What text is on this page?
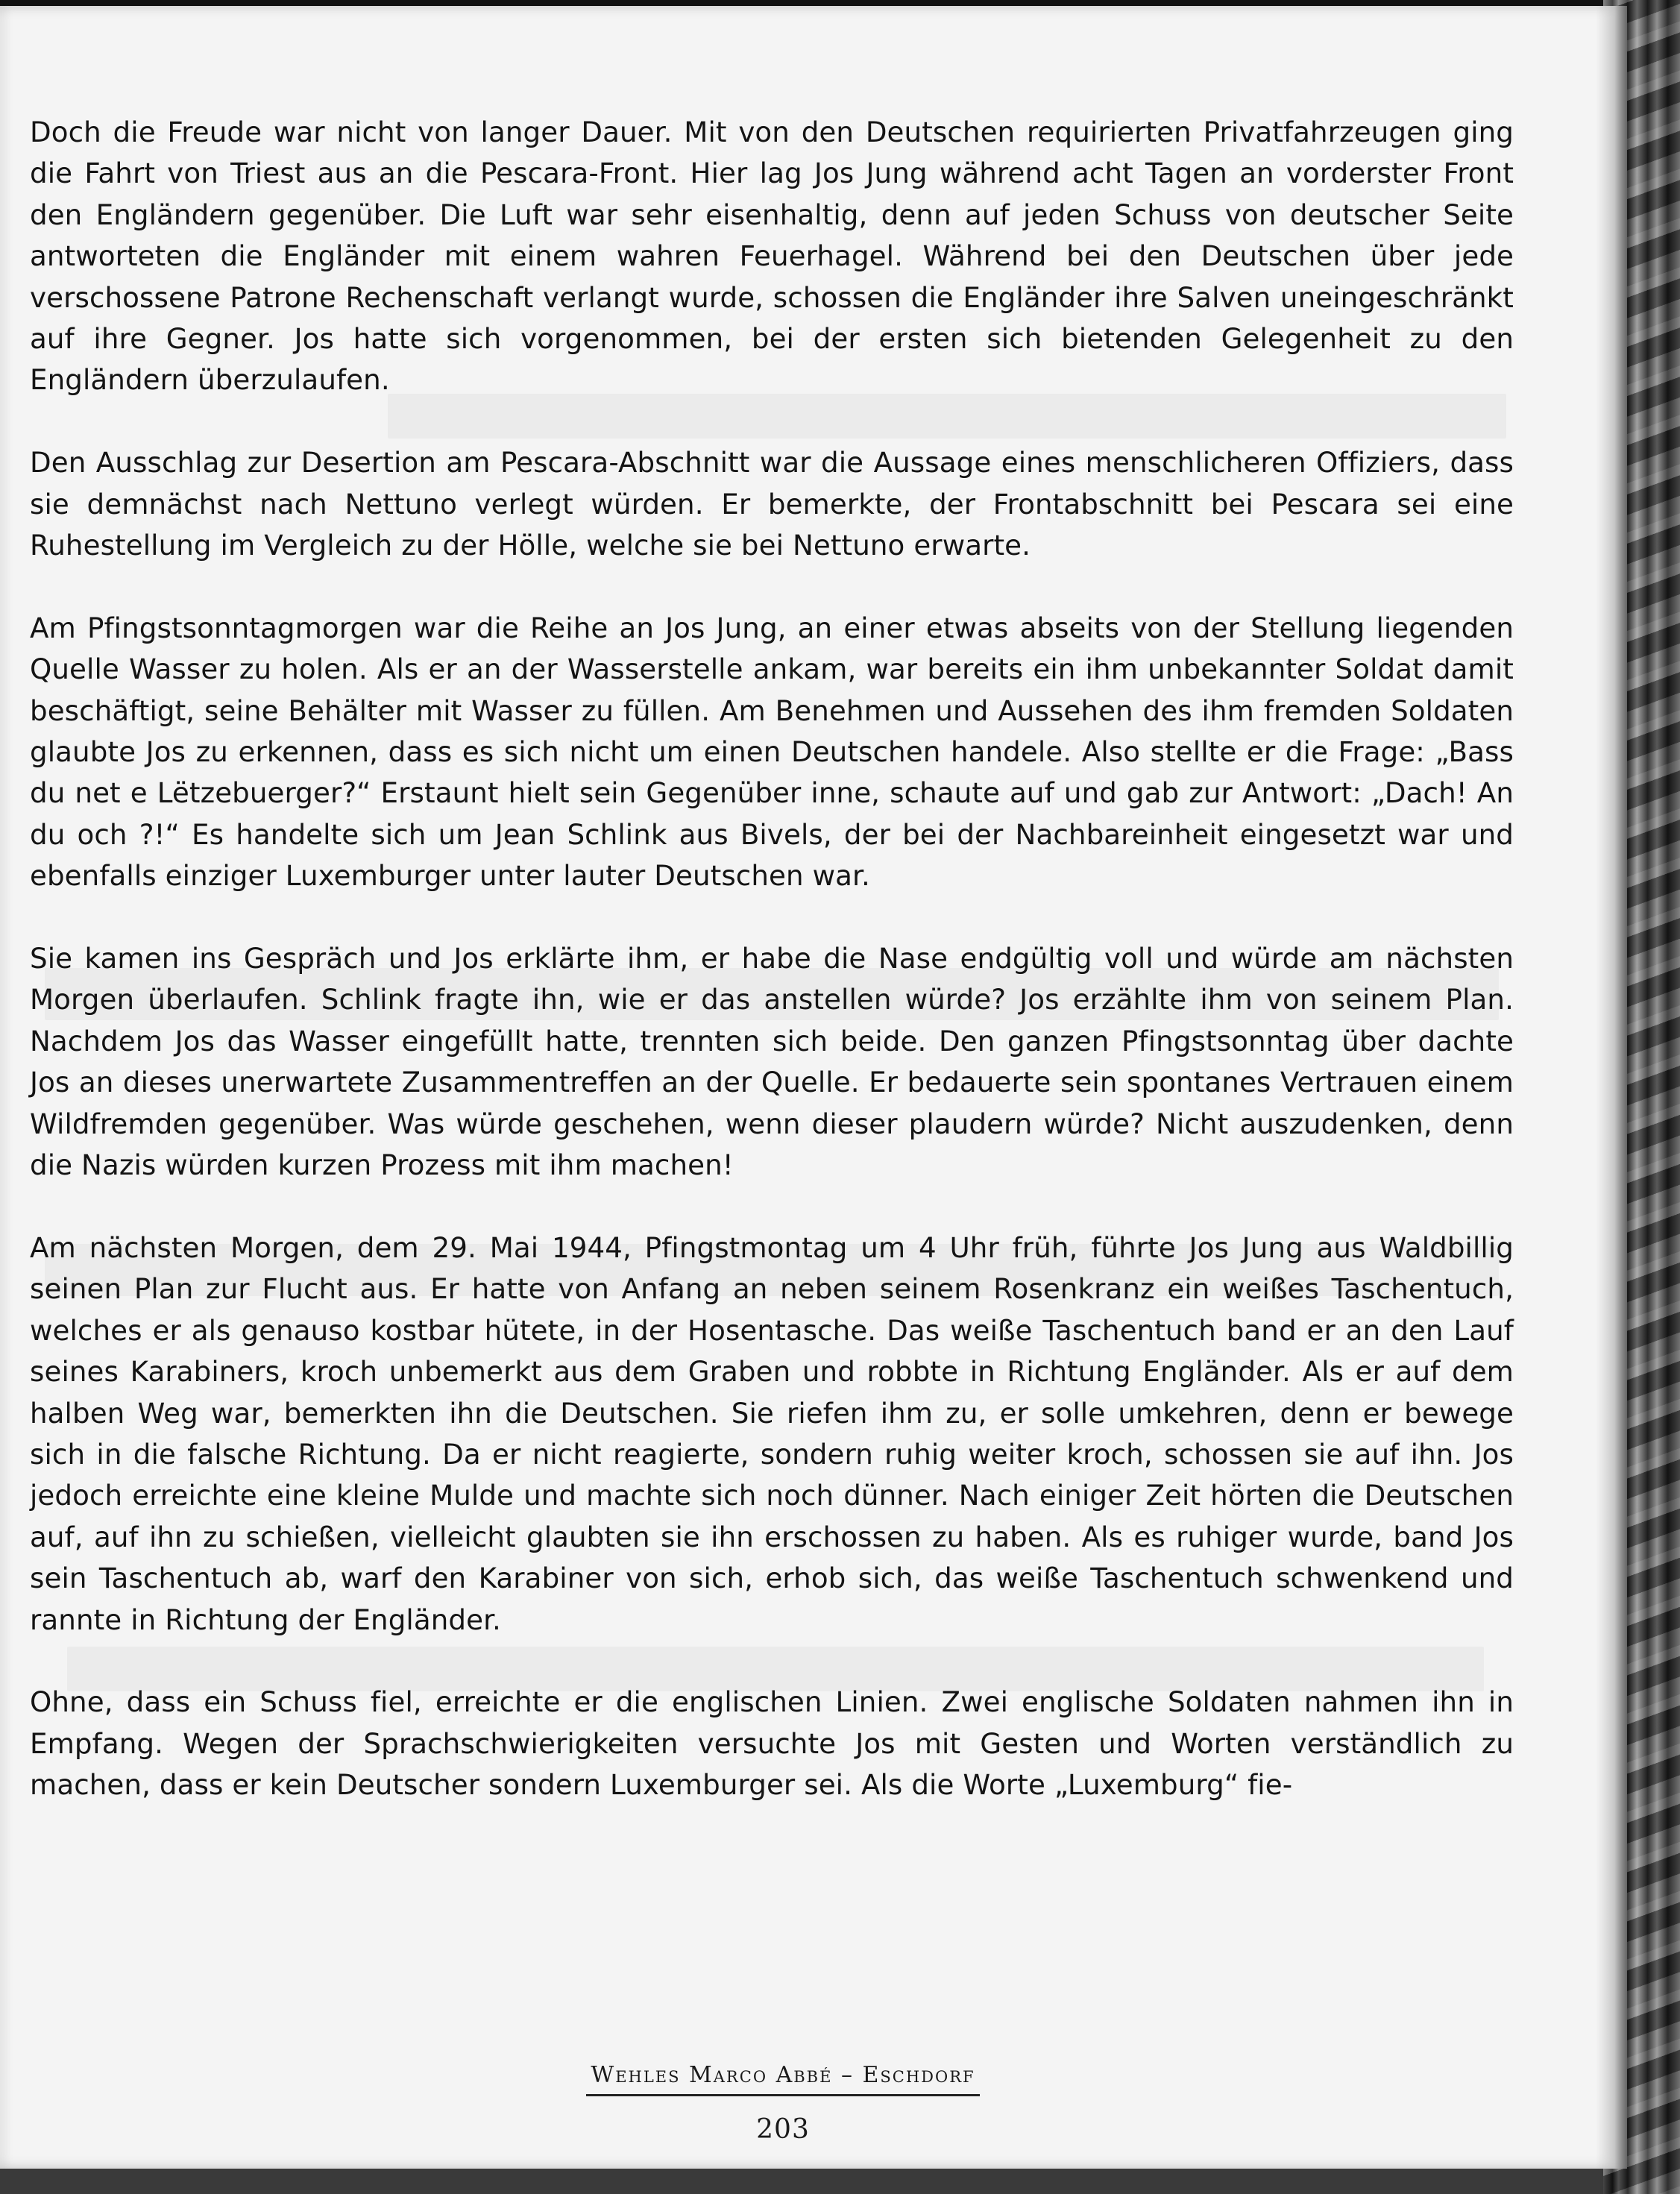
Doch die Freude war nicht von langer Dauer. Mit von den Deutschen requirierten Privatfahrzeugen ging die Fahrt von Triest aus an die Pescara-Front. Hier lag Jos Jung während acht Tagen an vorderster Front den Engländern gegenüber. Die Luft war sehr eisenhaltig, denn auf jeden Schuss von deutscher Seite antworteten die Engländer mit einem wahren Feuerhagel. Während bei den Deutschen über jede verschossene Patrone Rechenschaft verlangt wurde, schossen die Engländer ihre Salven uneingeschränkt auf ihre Gegner. Jos hatte sich vorgenommen, bei der ersten sich bietenden Gelegenheit zu den Engländern überzulaufen.

Den Ausschlag zur Desertion am Pescara-Abschnitt war die Aussage eines menschlicheren Offiziers, dass sie demnächst nach Nettuno verlegt würden. Er bemerkte, der Frontabschnitt bei Pescara sei eine Ruhestellung im Vergleich zu der Hölle, welche sie bei Nettuno erwarte.

Am Pfingstsonntagmorgen war die Reihe an Jos Jung, an einer etwas abseits von der Stellung liegenden Quelle Wasser zu holen. Als er an der Wasserstelle ankam, war bereits ein ihm unbekannter Soldat damit beschäftigt, seine Behälter mit Wasser zu füllen. Am Benehmen und Aussehen des ihm fremden Soldaten glaubte Jos zu erkennen, dass es sich nicht um einen Deutschen handele. Also stellte er die Frage: „Bass du net e Lëtzebuerger?“ Erstaunt hielt sein Gegenüber inne, schaute auf und gab zur Antwort: „Dach! An du och ?!“ Es handelte sich um Jean Schlink aus Bivels, der bei der Nachbareinheit eingesetzt war und ebenfalls einziger Luxemburger unter lauter Deutschen war.

Sie kamen ins Gespräch und Jos erklärte ihm, er habe die Nase endgültig voll und würde am nächsten Morgen überlaufen. Schlink fragte ihn, wie er das anstellen würde? Jos erzählte ihm von seinem Plan. Nachdem Jos das Wasser eingefüllt hatte, trennten sich beide. Den ganzen Pfingstsonntag über dachte Jos an dieses unerwartete Zusammentreffen an der Quelle. Er bedauerte sein spontanes Vertrauen einem Wildfremden gegenüber. Was würde geschehen, wenn dieser plaudern würde? Nicht auszudenken, denn die Nazis würden kurzen Prozess mit ihm machen!

Am nächsten Morgen, dem 29. Mai 1944, Pfingstmontag um 4 Uhr früh, führte Jos Jung aus Waldbillig seinen Plan zur Flucht aus. Er hatte von Anfang an neben seinem Rosenkranz ein weißes Taschentuch, welches er als genauso kostbar hütete, in der Hosentasche. Das weiße Taschentuch band er an den Lauf seines Karabiners, kroch unbemerkt aus dem Graben und robbte in Richtung Engländer. Als er auf dem halben Weg war, bemerkten ihn die Deutschen. Sie riefen ihm zu, er solle umkehren, denn er bewege sich in die falsche Richtung. Da er nicht reagierte, sondern ruhig weiter kroch, schossen sie auf ihn. Jos jedoch erreichte eine kleine Mulde und machte sich noch dünner. Nach einiger Zeit hörten die Deutschen auf, auf ihn zu schießen, vielleicht glaubten sie ihn erschossen zu haben. Als es ruhiger wurde, band Jos sein Taschentuch ab, warf den Karabiner von sich, erhob sich, das weiße Taschentuch schwenkend und rannte in Richtung der Engländer.

Ohne, dass ein Schuss fiel, erreichte er die englischen Linien. Zwei englische Soldaten nahmen ihn in Empfang. Wegen der Sprachschwierigkeiten versuchte Jos mit Gesten und Worten verständlich zu machen, dass er kein Deutscher sondern Luxemburger sei. Als die Worte „Luxemburg“ fie-

Wehles Marco Abbé – Eschdorf
203
